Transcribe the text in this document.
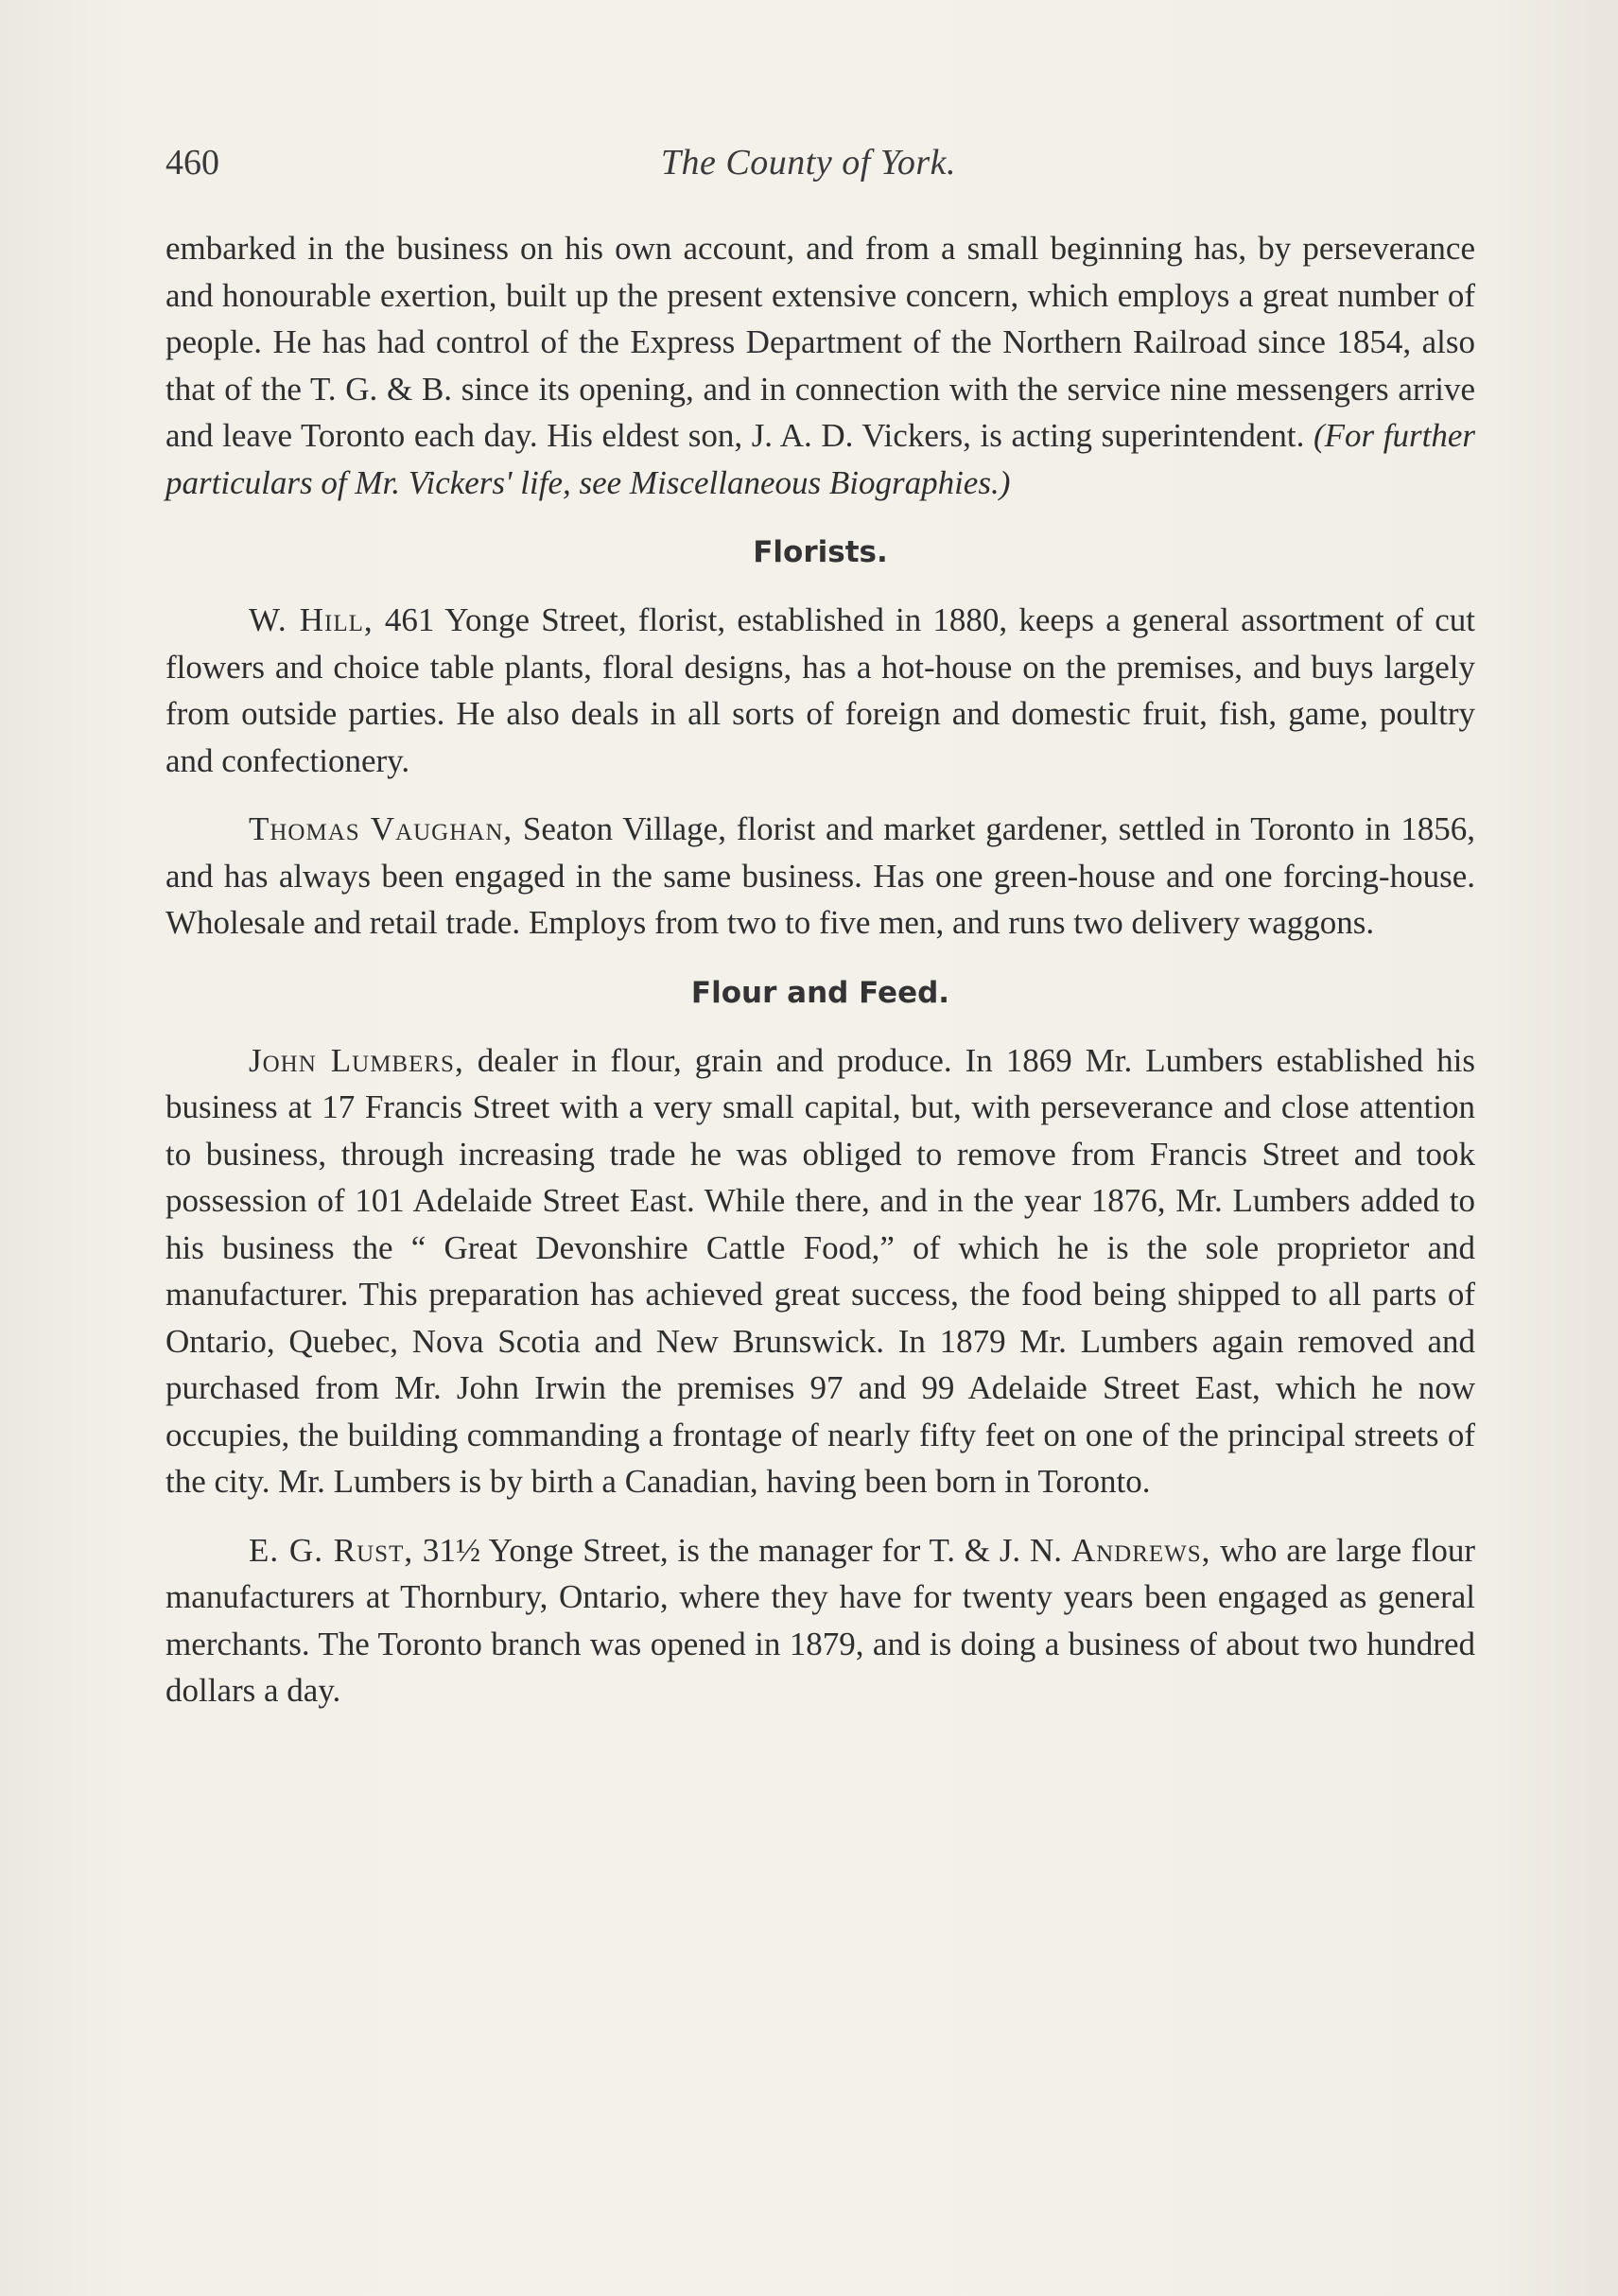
460	The County of York.

embarked in the business on his own account, and from a small beginning has, by perseverance and honourable exertion, built up the present extensive concern, which employs a great number of people. He has had control of the Express Department of the Northern Railroad since 1854, also that of the T. G. & B. since its opening, and in connection with the service nine messengers arrive and leave Toronto each day. His eldest son, J. A. D. Vickers, is acting superintendent. (For further particulars of Mr. Vickers' life, see Miscellaneous Biographies.)

Florists.

W. Hill, 461 Yonge Street, florist, established in 1880, keeps a general assortment of cut flowers and choice table plants, floral designs, has a hot-house on the premises, and buys largely from outside parties. He also deals in all sorts of foreign and domestic fruit, fish, game, poultry and confectionery.

Thomas Vaughan, Seaton Village, florist and market gardener, settled in Toronto in 1856, and has always been engaged in the same business. Has one green-house and one forcing-house. Wholesale and retail trade. Employs from two to five men, and runs two delivery waggons.

Flour and Feed.

John Lumbers, dealer in flour, grain and produce. In 1869 Mr. Lumbers established his business at 17 Francis Street with a very small capital, but, with perseverance and close attention to business, through increasing trade he was obliged to remove from Francis Street and took possession of 101 Adelaide Street East. While there, and in the year 1876, Mr. Lumbers added to his business the “ Great Devonshire Cattle Food,” of which he is the sole proprietor and manufacturer. This preparation has achieved great success, the food being shipped to all parts of Ontario, Quebec, Nova Scotia and New Brunswick. In 1879 Mr. Lumbers again removed and purchased from Mr. John Irwin the premises 97 and 99 Adelaide Street East, which he now occupies, the building commanding a frontage of nearly fifty feet on one of the principal streets of the city. Mr. Lumbers is by birth a Canadian, having been born in Toronto.

E. G. Rust, 31½ Yonge Street, is the manager for T. & J. N. Andrews, who are large flour manufacturers at Thornbury, Ontario, where they have for twenty years been engaged as general merchants. The Toronto branch was opened in 1879, and is doing a business of about two hundred dollars a day.
